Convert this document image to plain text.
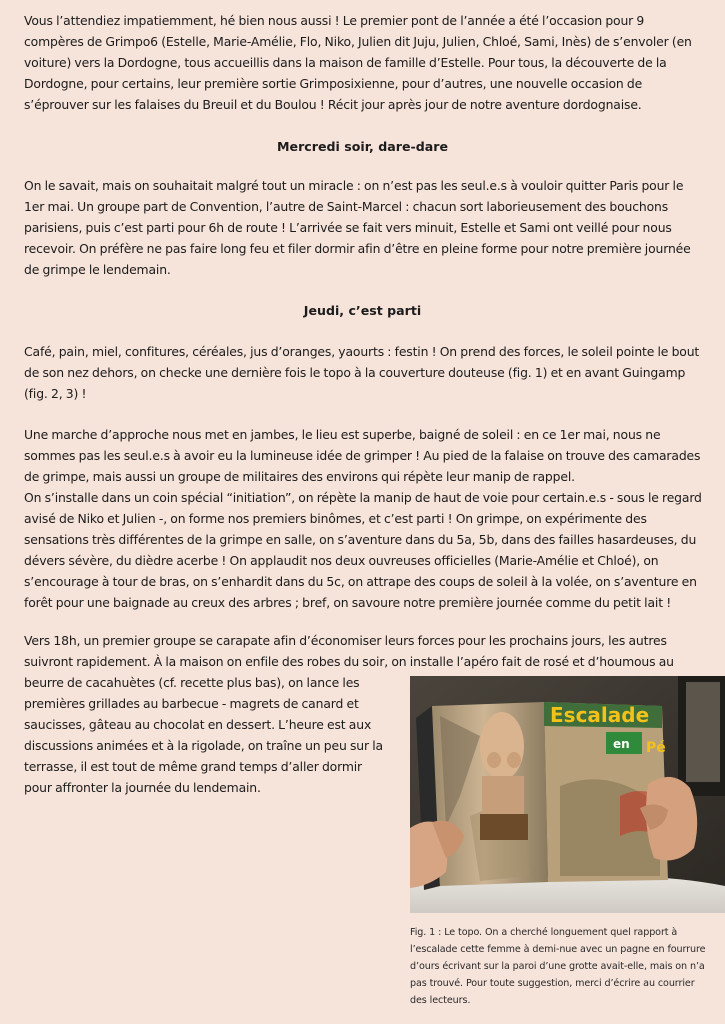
Vous l’attendiez impatiemment, hé bien nous aussi ! Le premier pont de l’année a été l’occasion pour 9 compères de Grimpo6 (Estelle, Marie-Amélie, Flo, Niko, Julien dit Juju, Julien, Chloé, Sami, Inès) de s’envoler (en voiture) vers la Dordogne, tous accueillis dans la maison de famille d’Estelle. Pour tous, la découverte de la Dordogne, pour certains, leur première sortie Grimposixienne, pour d’autres, une nouvelle occasion de s’éprouver sur les falaises du Breuil et du Boulou ! Récit jour après jour de notre aventure dordognaise.

Mercredi soir, dare-dare

On le savait, mais on souhaitait malgré tout un miracle : on n’est pas les seul.e.s à vouloir quitter Paris pour le 1er mai. Un groupe part de Convention, l’autre de Saint-Marcel : chacun sort laborieusement des bouchons parisiens, puis c’est parti pour 6h de route ! L’arrivée se fait vers minuit, Estelle et Sami ont veillé pour nous recevoir. On préfère ne pas faire long feu et filer dormir afin d’être en pleine forme pour notre première journée de grimpe le lendemain.

Jeudi, c’est parti

Café, pain, miel, confitures, céréales, jus d’oranges, yaourts : festin ! On prend des forces, le soleil pointe le bout de son nez dehors, on checke une dernière fois le topo à la couverture douteuse (fig. 1) et en avant Guingamp (fig. 2, 3) !

Une marche d’approche nous met en jambes, le lieu est superbe, baigné de soleil : en ce 1er mai, nous ne sommes pas les seul.e.s à avoir eu la lumineuse idée de grimper ! Au pied de la falaise on trouve des camarades de grimpe, mais aussi un groupe de militaires des environs qui répète leur manip de rappel.

On s’installe dans un coin spécial “initiation”, on répète la manip de haut de voie pour certain.e.s - sous le regard avisé de Niko et Julien -, on forme nos premiers binômes, et c’est parti ! On grimpe, on expérimente des sensations très différentes de la grimpe en salle, on s’aventure dans du 5a, 5b, dans des failles hasardeuses, du dévers sévère, du dièdre acerbe ! On applaudit nos deux ouvreuses officielles (Marie-Amélie et Chloé), on s’encourage à tour de bras, on s’enhardit dans du 5c, on attrape des coups de soleil à la volée, on s’aventure en forêt pour une baignade au creux des arbres ; bref, on savoure notre première journée comme du petit lait !

Vers 18h, un premier groupe se carapate afin d’économiser leurs forces pour les prochains jours, les autres suivront rapidement. À la maison on enfile des robes du soir, on installe l’apéro fait de rosé et d’houmous au

beurre de cacahuètes (cf. recette plus bas), on lance les premières grillades au barbecue - magrets de canard et saucisses, gâteau au chocolat en dessert. L’heure est aux discussions animées et à la rigolade, on traîne un peu sur la terrasse, il est tout de même grand temps d’aller dormir pour affronter la journée du lendemain.

Escalade
en Pé

Fig. 1 : Le topo. On a cherché longuement quel rapport à l’escalade cette femme à demi-nue avec un pagne en fourrure d’ours écrivant sur la paroi d’une grotte avait-elle, mais on n’a pas trouvé. Pour toute suggestion, merci d’écrire au courrier des lecteurs.
